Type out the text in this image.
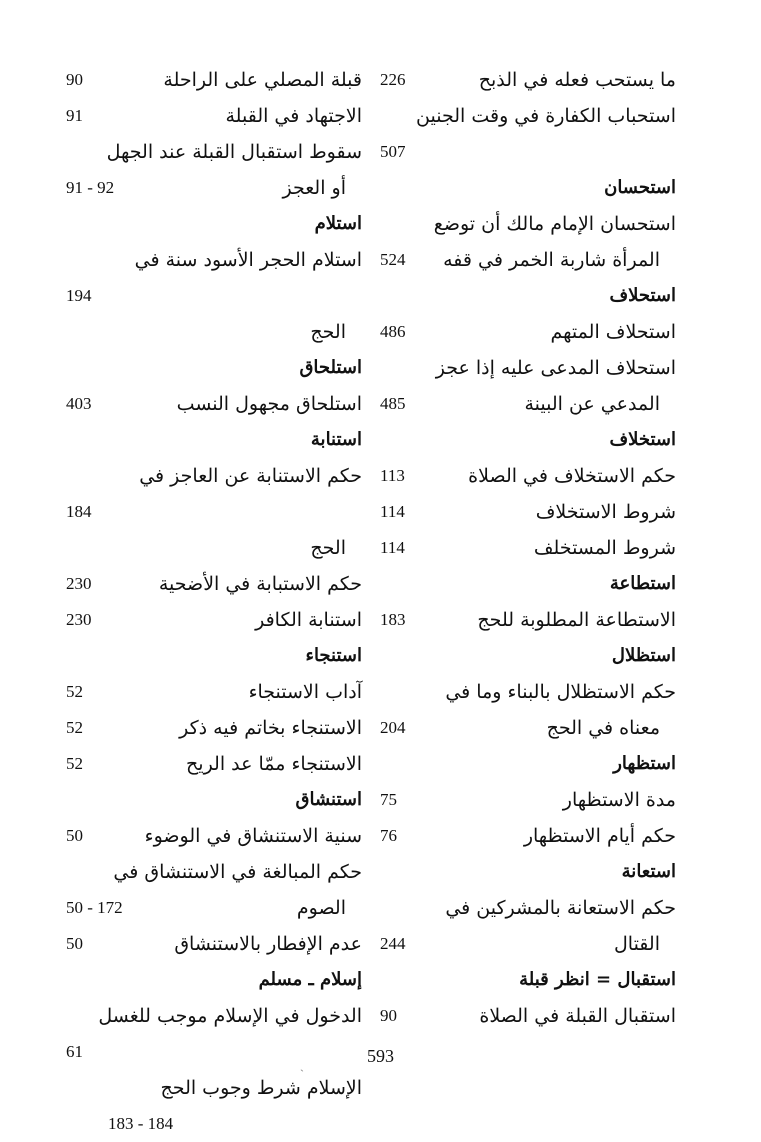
ما يستحب فعله في الذبح
226
استحباب الكفارة في وقت الجنين
507
استحسان
استحسان الإمام مالك أن توضع
المرأة شاربة الخمر في قفه
524
استحلاف
استحلاف المتهم
486
استحلاف المدعى عليه إذا عجز
المدعي عن البينة
485
استخلاف
حكم الاستخلاف في الصلاة
113
شروط الاستخلاف
114
شروط المستخلف
114
استطاعة
الاستطاعة المطلوبة للحج
183
استظلال
حكم الاستظلال بالبناء وما في
معناه في الحج
204
استظهار
مدة الاستظهار
75
حكم أيام الاستظهار
76
استعانة
حكم الاستعانة بالمشركين في
القتال
244
استقبال = انظر قبلة
استقبال القبلة في الصلاة
90
قبلة المصلي على الراحلة
90
الاجتهاد في القبلة
91
سقوط استقبال القبلة عند الجهل
أو العجز
91 - 92
استلام
استلام الحجر الأسود سنة في
194
الحج
استلحاق
استلحاق مجهول النسب
403
استنابة
حكم الاستنابة عن العاجز في
184
الحج
حكم الاستبابة في الأضحية
230
استنابة الكافر
230
استنجاء
آداب الاستنجاء
52
الاستنجاء بخاتم فيه ذكر
52
الاستنجاء ممّا عد الريح
52
استنشاق
سنية الاستنشاق في الوضوء
50
حكم المبالغة في الاستنشاق في
الصوم
50 - 172
عدم الإفطار بالاستنشاق
50
إسلام ـ مسلم
الدخول في الإسلام موجب للغسل
61
الإسلام شرط وجوب الحج
183 - 184
593
ˏ
